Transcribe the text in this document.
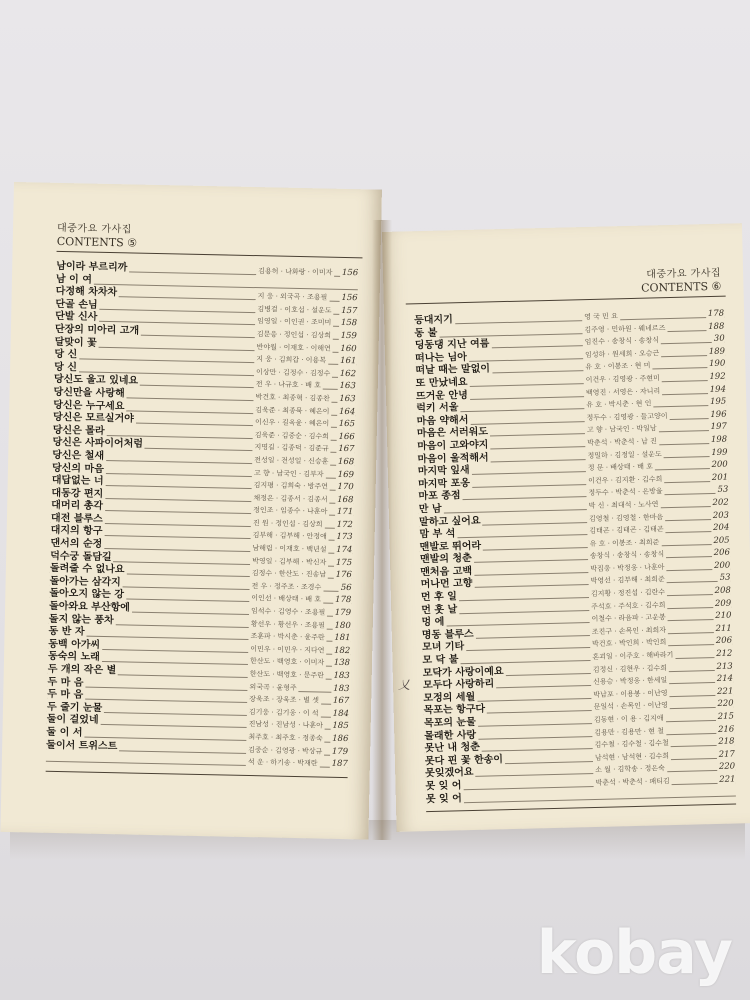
대중가요 가사집
CONTENTS ⑤
남이라 부르리까	김용허 · 나화랑 · 이미자 156
남 이 여
다정해 차차차	지 웅 · 외국곡 · 조용필 156
단골 손님	김병걸 · 이호섭 · 설운도 157
단발 신사	임영일 · 이인권 · 조미미 158
단장의 미아리 고개	김문응 · 정인섭 · 김상희 159
달맞이 꽃	반야월 · 이재호 · 이해연 160
당 신	지 웅 · 김희갑 · 이용복 161
당 신	이상만 · 김정수 · 김정수 162
당신도 울고 있네요	전 우 · 나규호 · 배 호 163
당신만을 사랑해	박건호 · 최종혁 · 김종찬 163
당신은 누구세요	김욱준 · 최종묵 · 혜은이 164
당신은 모르실거야	이신우 · 길옥윤 · 혜은이 165
당신은 몰라	김욱준 · 김중순 · 김수희 166
당신은 사파이어처럼	지명길 · 김종덕 · 김준규 167
당신은 철새	전성일 · 전성일 · 신승훈 168
당신의 마음	고 향 · 남국인 · 김부자 169
대답없는 너	김지평 · 김희숙 · 방주연 170
대동강 편지	채정은 · 김종서 · 김종서 168
대머리 총각	정인조 · 임종수 · 나훈아 171
대전 블루스	진 원 · 정인섭 · 김상희 172
대지의 항구	김부해 · 김부해 · 안정애 173
댄서의 순정	남해림 · 이재호 · 백년설 174
덕수궁 돌담길	박영일 · 김부해 · 박신자 175
돌려줄 수 없나요	김정수 · 한산도 · 진송남 176
돌아가는 삼각지	전 우 · 정주조 · 조경수 56
돌아오지 않는 강	이인선 · 배상태 · 배 호 178
돌아와요 부산항에	임석수 · 김영수 · 조용필 179
돌지 않는 풍차	황선우 · 황선우 · 조용필 180
동 반 자	조훈파 · 박시춘 · 윤주란 181
동백 아가씨	이민우 · 이민우 · 지다연 182
동숙의 노래	한산도 · 백영호 · 이미자 138
두 개의 작은 별	한산도 · 백영호 · 문주란 183
두 마 음	외국곡 · 윤형주	183
두 마 음	장욱조 · 장욱조 · 별 셋 167
두 줄기 눈물	김기웅 · 김기웅 · 이 석 184
둘이 걸었네	진남성 · 진남성 · 나훈아 185
둘 이 서	최주호 · 최주호 · 정종숙 186
둘이서 트위스트	김중순 · 김영광 · 박상규 179
석 운 · 하기송 · 박재란 187
대중가요 가사집
CONTENTS ⑥
등대지기	영 국 민 요	178
동 불	김주영 · 민하원 · 웨네르즈	188
딩동댕 지난 여름	임진수 · 송창식 · 송창식	30
떠나는 님아	임성하 · 원세희 · 오승근	189
떠날 때는 말없이	유 호 · 이봉조 · 현 미	190
또 만났네요	이건우 · 김영광 · 주현미	192
뜨거운 안녕	백영진 · 서영은 · 자니리	194
럭키 서울	유 호 · 박시춘 · 현 인	195
마음 약해서	정두수 · 김영광 · 들고양이	196
마음은 서러워도	고 향 · 남국인 · 박일남	197
마음이 고와야지	박춘석 · 박춘석 · 남 진	198
마음이 울적해서	정밀하 · 김정일 · 설운도	199
마지막 잎새	정 문 · 배상태 · 배 호	200
마지막 포옹	이건우 · 김지환 · 김수희	201
마포 종점	정두수 · 박춘석 · 은방울	53
만 남	박 신 · 최대석 · 노사연	202
말하고 싶어요	김영철 · 김영철 · 한마음	203
맘 부 석	김태곤 · 김태곤 · 김태곤	204
맨발로 뛰어라	유 호 · 이봉조 · 최희준	205
맨발의 청춘	송창식 · 송창식 · 송창식	206
맨처음 고백	박집웅 · 박정웅 · 나훈아	200
머나먼 고향	박영선 · 김부해 · 최희준	53
먼 후 일	김지황 · 정진섭 · 김란수	208
먼 훗 날	주석호 · 주석호 · 김수희	209
멍 에	이철수 · 라음파 · 고운봉	210
명동 블루스	조진구 · 손목인 · 최희자	211
모녀 기타	박건호 · 박인희 · 박인희	206
모 닥 불	혼괴일 · 이주호 · 해바라기	212
모닥가 사랑이예요	김정신 · 김현우 · 김수희	213
모두다 사랑하리	신용승 · 박정웅 · 한세일	214
모정의 세월	박남포 · 이용봉 · 이난영	221
목포는 항구다	문일석 · 손목인 · 이난영	220
목포의 눈물	김동현 · 이 용 · 김지애	215
몰래한 사랑	김용만 · 김용만 · 현 철	216
못난 내 청춘	김수철 · 김수철 · 김수철	218
못다 핀 꽃 한송이	남석현 · 남석현 · 김수희	217
못잊겠어요	소 월 · 김학송 · 정은숙	220
못 잊 어	박춘석 · 박춘석 · 패티김	221
못 잊 어
乂
kobay
